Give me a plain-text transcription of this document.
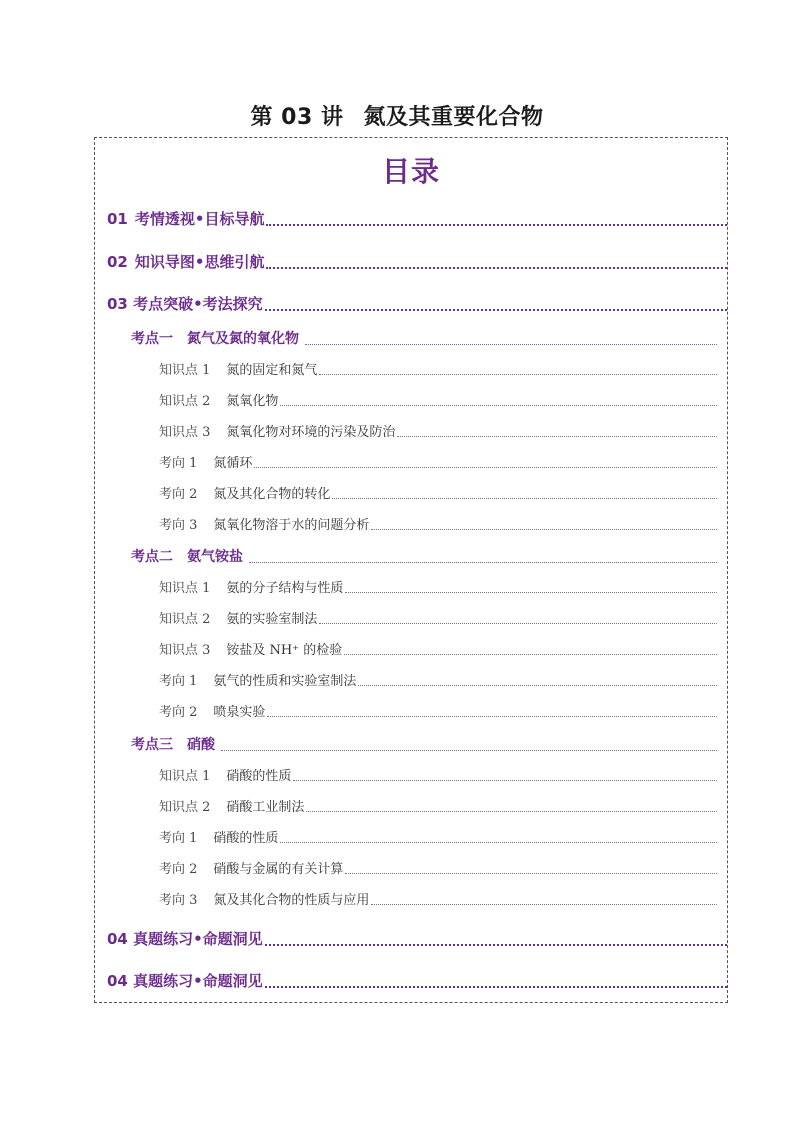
第 03 讲 氮及其重要化合物
目录
01 考情透视•目标导航
02 知识导图•思维引航
03 考点突破•考法探究
考点一 氮气及氮的氧化物
知识点 1 氮的固定和氮气
知识点 2 氮氧化物
知识点 3 氮氧化物对环境的污染及防治
考向 1 氮循环
考向 2 氮及其化合物的转化
考向 3 氮氧化物溶于水的问题分析
考点二 氨气铵盐
知识点 1 氨的分子结构与性质
知识点 2 氨的实验室制法
知识点 3 铵盐及 NH⁺ 的检验
考向 1 氨气的性质和实验室制法
考向 2 喷泉实验
考点三 硝酸
知识点 1 硝酸的性质
知识点 2 硝酸工业制法
考向 1 硝酸的性质
考向 2 硝酸与金属的有关计算
考向 3 氮及其化合物的性质与应用
04 真题练习•命题洞见
04 真题练习•命题洞见
